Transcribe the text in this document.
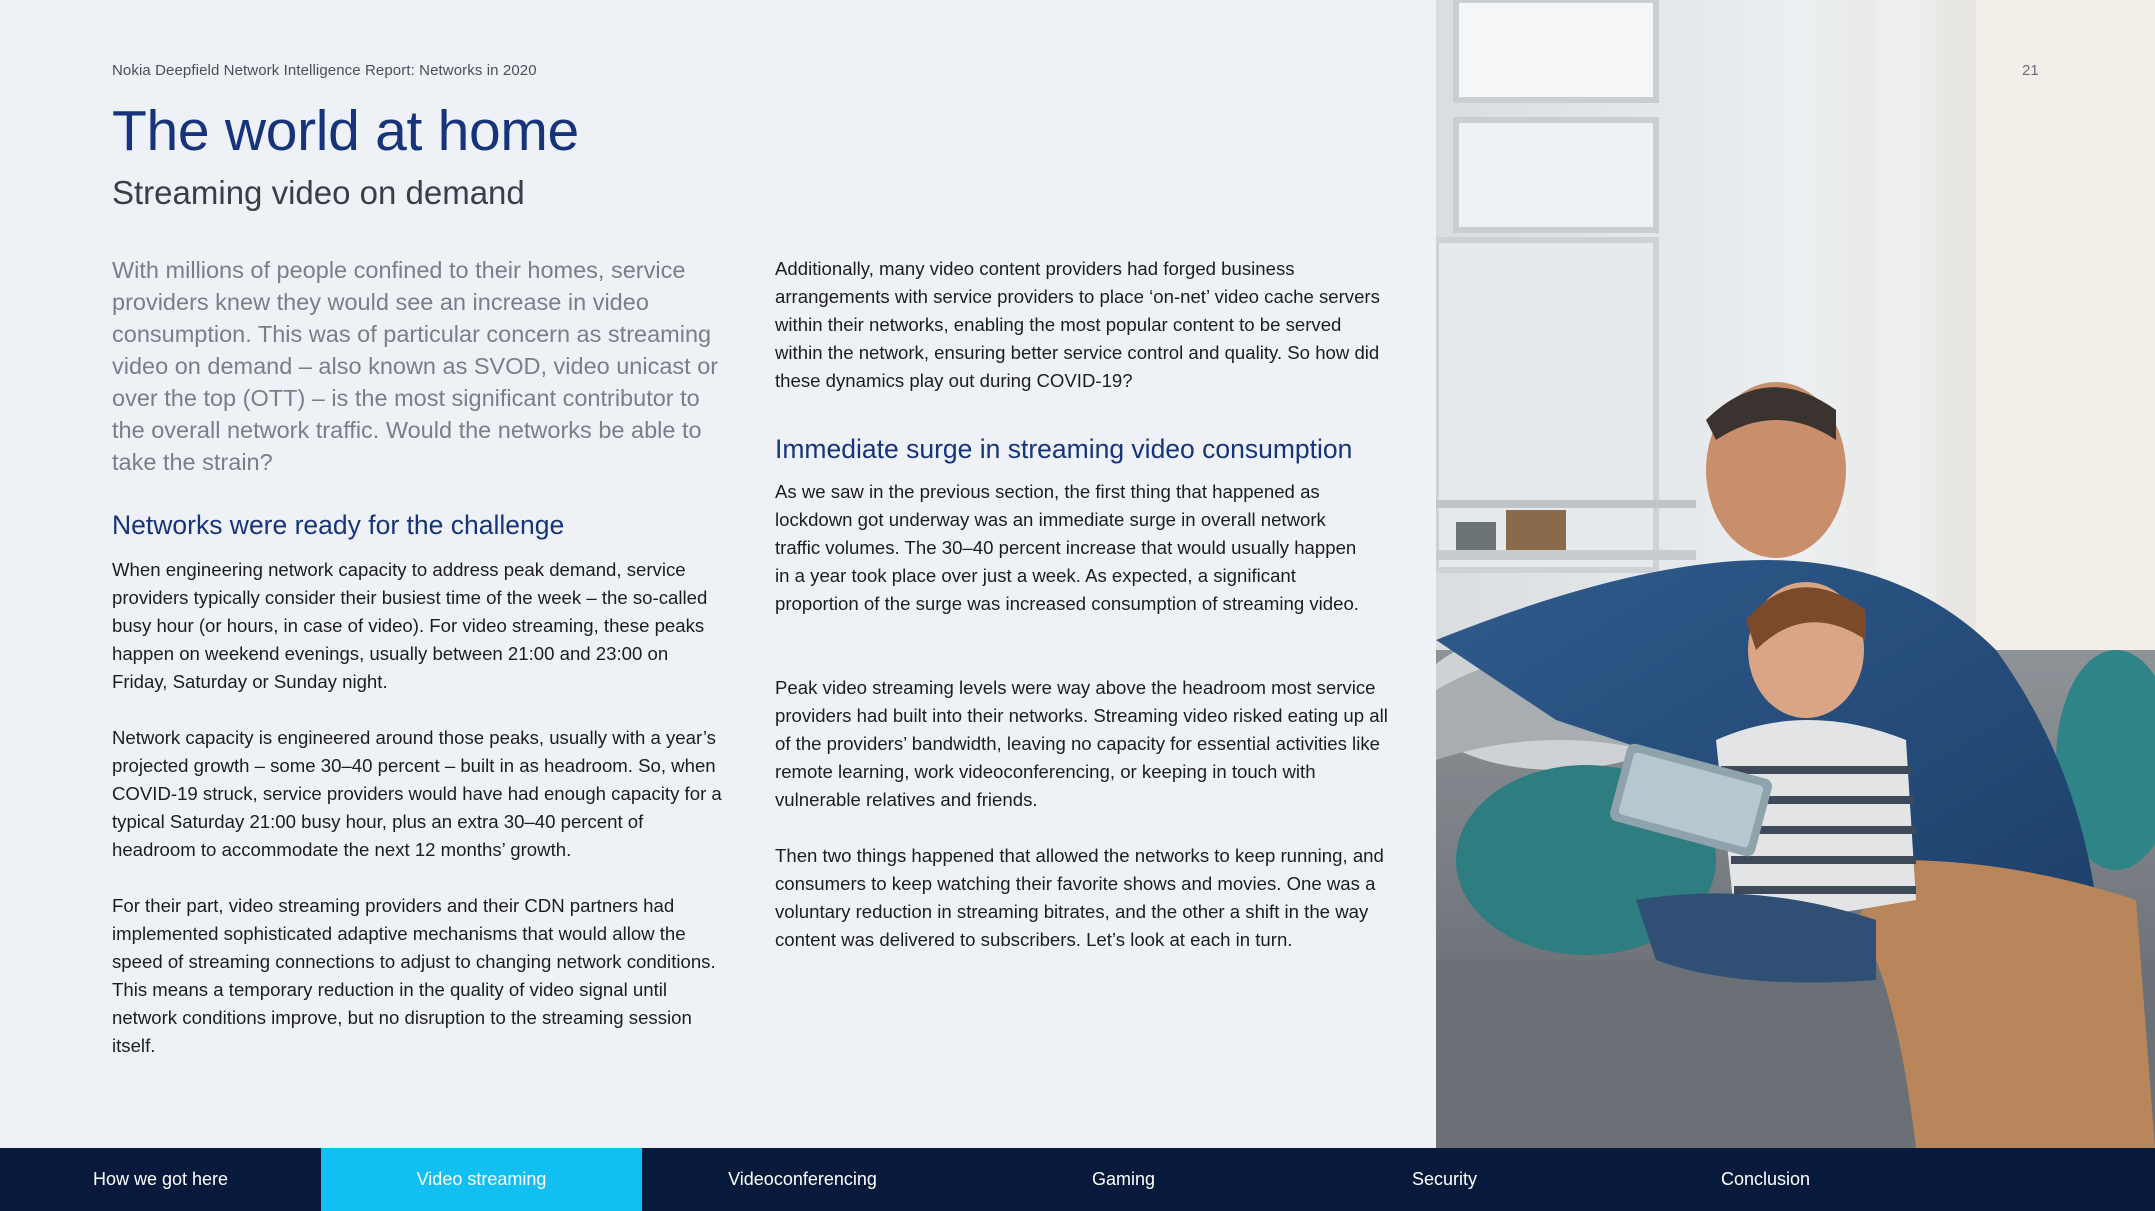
Nokia Deepfield Network Intelligence Report: Networks in 2020
The world at home
Streaming video on demand

With millions of people confined to their homes, service providers knew they would see an increase in video consumption. This was of particular concern as streaming video on demand – also known as SVOD, video unicast or over the top (OTT) – is the most significant contributor to the overall network traffic. Would the networks be able to take the strain?

Networks were ready for the challenge

When engineering network capacity to address peak demand, service providers typically consider their busiest time of the week – the so-called busy hour (or hours, in case of video). For video streaming, these peaks happen on weekend evenings, usually between 21:00 and 23:00 on Friday, Saturday or Sunday night.

Network capacity is engineered around those peaks, usually with a year’s projected growth – some 30–40 percent – built in as headroom. So, when COVID-19 struck, service providers would have had enough capacity for a typical Saturday 21:00 busy hour, plus an extra 30–40 percent of headroom to accommodate the next 12 months’ growth.

For their part, video streaming providers and their CDN partners had implemented sophisticated adaptive mechanisms that would allow the speed of streaming connections to adjust to changing network conditions. This means a temporary reduction in the quality of video signal until network conditions improve, but no disruption to the streaming session itself.

Additionally, many video content providers had forged business arrangements with service providers to place ‘on-net’ video cache servers within their networks, enabling the most popular content to be served within the network, ensuring better service control and quality. So how did these dynamics play out during COVID-19?

Immediate surge in streaming video consumption

As we saw in the previous section, the first thing that happened as lockdown got underway was an immediate surge in overall network traffic volumes. The 30–40 percent increase that would usually happen in a year took place over just a week. As expected, a significant proportion of the surge was increased consumption of streaming video.

Peak video streaming levels were way above the headroom most service providers had built into their networks. Streaming video risked eating up all of the providers’ bandwidth, leaving no capacity for essential activities like remote learning, work videoconferencing, or keeping in touch with vulnerable relatives and friends.

Then two things happened that allowed the networks to keep running, and consumers to keep watching their favorite shows and movies. One was a voluntary reduction in streaming bitrates, and the other a shift in the way content was delivered to subscribers. Let’s look at each in turn.

21
How we got here	Video streaming	Videoconferencing	Gaming	Security	Conclusion
